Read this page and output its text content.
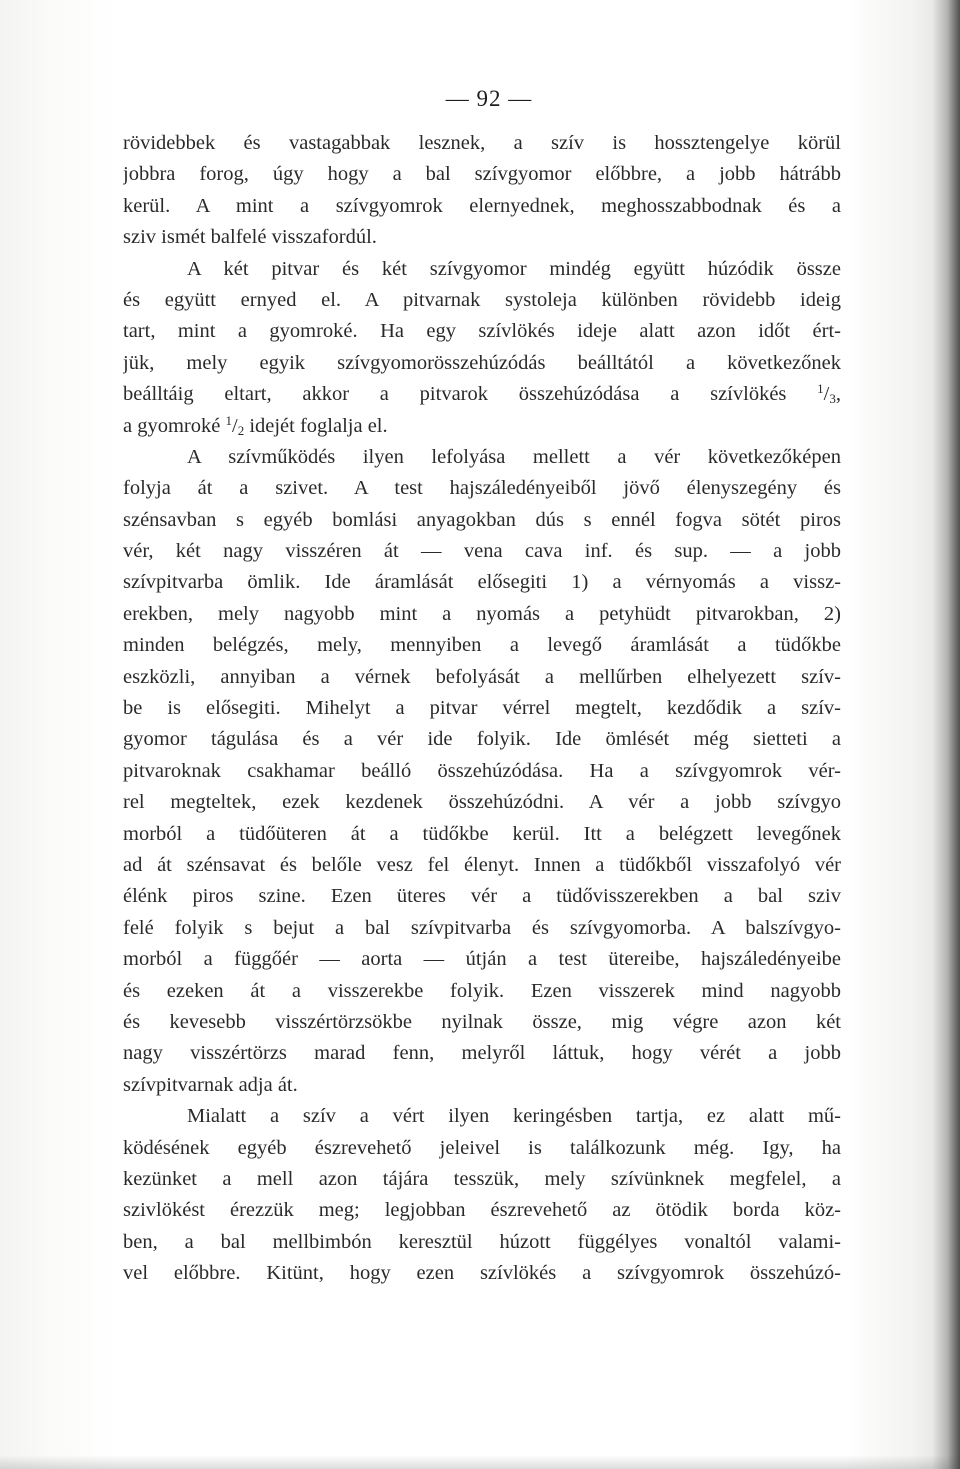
— 92 —
rövidebbek és vastagabbak lesznek, a szív is hossztengelye körül
jobbra forog, úgy hogy a bal szívgyomor előbbre, a jobb hátrább
kerül. A mint a szívgyomrok elernyednek, meghosszabbodnak és a
sziv ismét balfelé visszafordúl.
A két pitvar és két szívgyomor mindég együtt húzódik össze
és együtt ernyed el. A pitvarnak systoleja különben rövidebb ideig
tart, mint a gyomroké. Ha egy szívlökés ideje alatt azon időt ért-
jük, mely egyik szívgyomorösszehúzódás beálltától a következőnek
beálltáig eltart, akkor a pitvarok összehúzódása a szívlökés $^1/_3$,
a gyomroké $^1/_2$ idejét foglalja el.
A szívműködés ilyen lefolyása mellett a vér következőképen
folyja át a szivet. A test hajszáledényeiből jövő élenyszegény és
szénsavban s egyéb bomlási anyagokban dús s ennél fogva sötét piros
vér, két nagy visszéren át — vena cava inf. és sup. — a jobb
szívpitvarba ömlik. Ide áramlását elősegiti 1) a vérnyomás a vissz-
erekben, mely nagyobb mint a nyomás a petyhüdt pitvarokban, 2)
minden belégzés, mely, mennyiben a levegő áramlását a tüdőkbe
eszközli, annyiban a vérnek befolyását a mellűrben elhelyezett szív-
be is elősegiti. Mihelyt a pitvar vérrel megtelt, kezdődik a szív-
gyomor tágulása és a vér ide folyik. Ide ömlését még sietteti a
pitvaroknak csakhamar beálló összehúzódása. Ha a szívgyomrok vér-
rel megteltek, ezek kezdenek összehúzódni. A vér a jobb szívgyo
morból a tüdőüteren át a tüdőkbe kerül. Itt a belégzett levegőnek
ad át szénsavat és belőle vesz fel élenyt. Innen a tüdőkből visszafolyó vér
élénk piros szine. Ezen üteres vér a tüdővisszerekben a bal sziv
felé folyik s bejut a bal szívpitvarba és szívgyomorba. A balszívgyo-
morból a függőér — aorta — útján a test ütereibe, hajszáledényeibe
és ezeken át a visszerekbe folyik. Ezen visszerek mind nagyobb
és kevesebb visszértörzsökbe nyilnak össze, mig végre azon két
nagy visszértörzs marad fenn, melyről láttuk, hogy vérét a jobb
szívpitvarnak adja át.
Mialatt a szív a vért ilyen keringésben tartja, ez alatt mű-
ködésének egyéb észrevehető jeleivel is találkozunk még. Igy, ha
kezünket a mell azon tájára tesszük, mely szívünknek megfelel, a
szivlökést érezzük meg; legjobban észrevehető az ötödik borda köz-
ben, a bal mellbimbón keresztül húzott függélyes vonaltól valami-
vel előbbre. Kitünt, hogy ezen szívlökés a szívgyomrok összehúzó-
